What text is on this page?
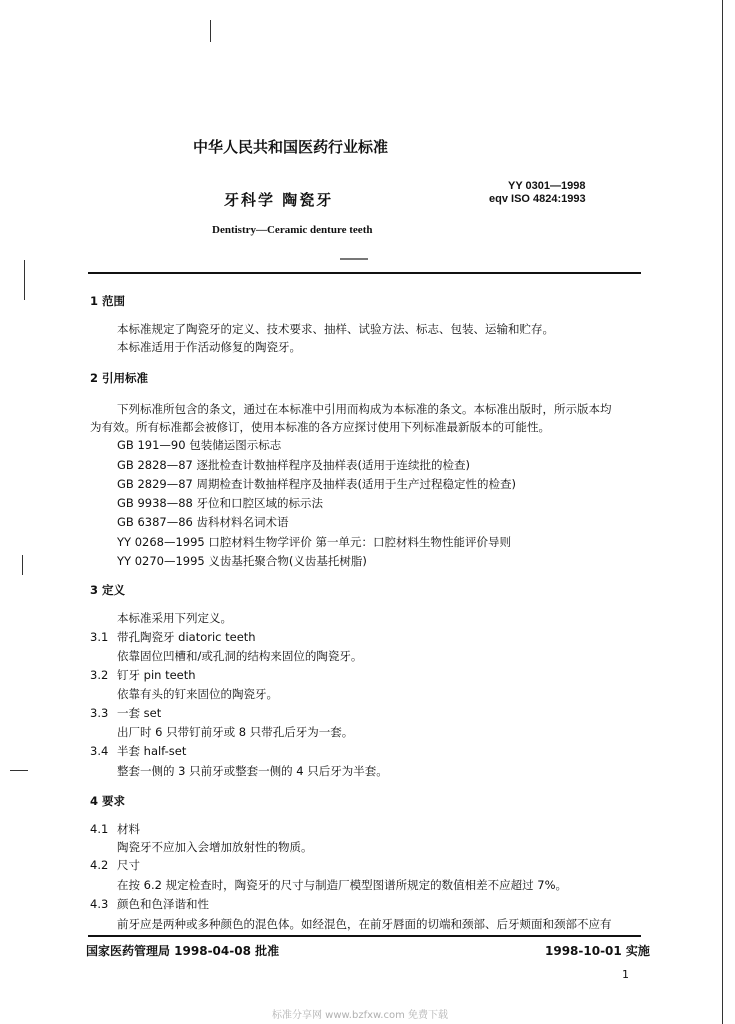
中华人民共和国医药行业标准
牙科学 陶瓷牙
YY 0301—1998
eqv ISO 4824:1993
Dentistry—Ceramic denture teeth
1 范围
本标准规定了陶瓷牙的定义、技术要求、抽样、试验方法、标志、包装、运输和贮存。
本标准适用于作活动修复的陶瓷牙。
2 引用标准
下列标准所包含的条文，通过在本标准中引用而构成为本标准的条文。本标准出版时，所示版本均
为有效。所有标准都会被修订，使用本标准的各方应探讨使用下列标准最新版本的可能性。
GB 191—90 包装储运图示标志
GB 2828—87 逐批检查计数抽样程序及抽样表(适用于连续批的检查)
GB 2829—87 周期检查计数抽样程序及抽样表(适用于生产过程稳定性的检查)
GB 9938—88 牙位和口腔区域的标示法
GB 6387—86 齿科材料名词术语
YY 0268—1995 口腔材料生物学评价 第一单元：口腔材料生物性能评价导则
YY 0270—1995 义齿基托聚合物(义齿基托树脂)
3 定义
本标准采用下列定义。
3.1 带孔陶瓷牙 diatoric teeth
依靠固位凹槽和/或孔洞的结构来固位的陶瓷牙。
3.2 钉牙 pin teeth
依靠有头的钉来固位的陶瓷牙。
3.3 一套 set
出厂时 6 只带钉前牙或 8 只带孔后牙为一套。
3.4 半套 half-set
整套一侧的 3 只前牙或整套一侧的 4 只后牙为半套。
4 要求
4.1 材料
陶瓷牙不应加入会增加放射性的物质。
4.2 尺寸
在按 6.2 规定检查时，陶瓷牙的尺寸与制造厂模型图谱所规定的数值相差不应超过 7%。
4.3 颜色和色泽谐和性
前牙应是两种或多种颜色的混色体。如经混色，在前牙唇面的切端和颈部、后牙颊面和颈部不应有
国家医药管理局 1998-04-08 批准	1998-10-01 实施
1
标准分享网 www.bzfxw.com 免费下载
